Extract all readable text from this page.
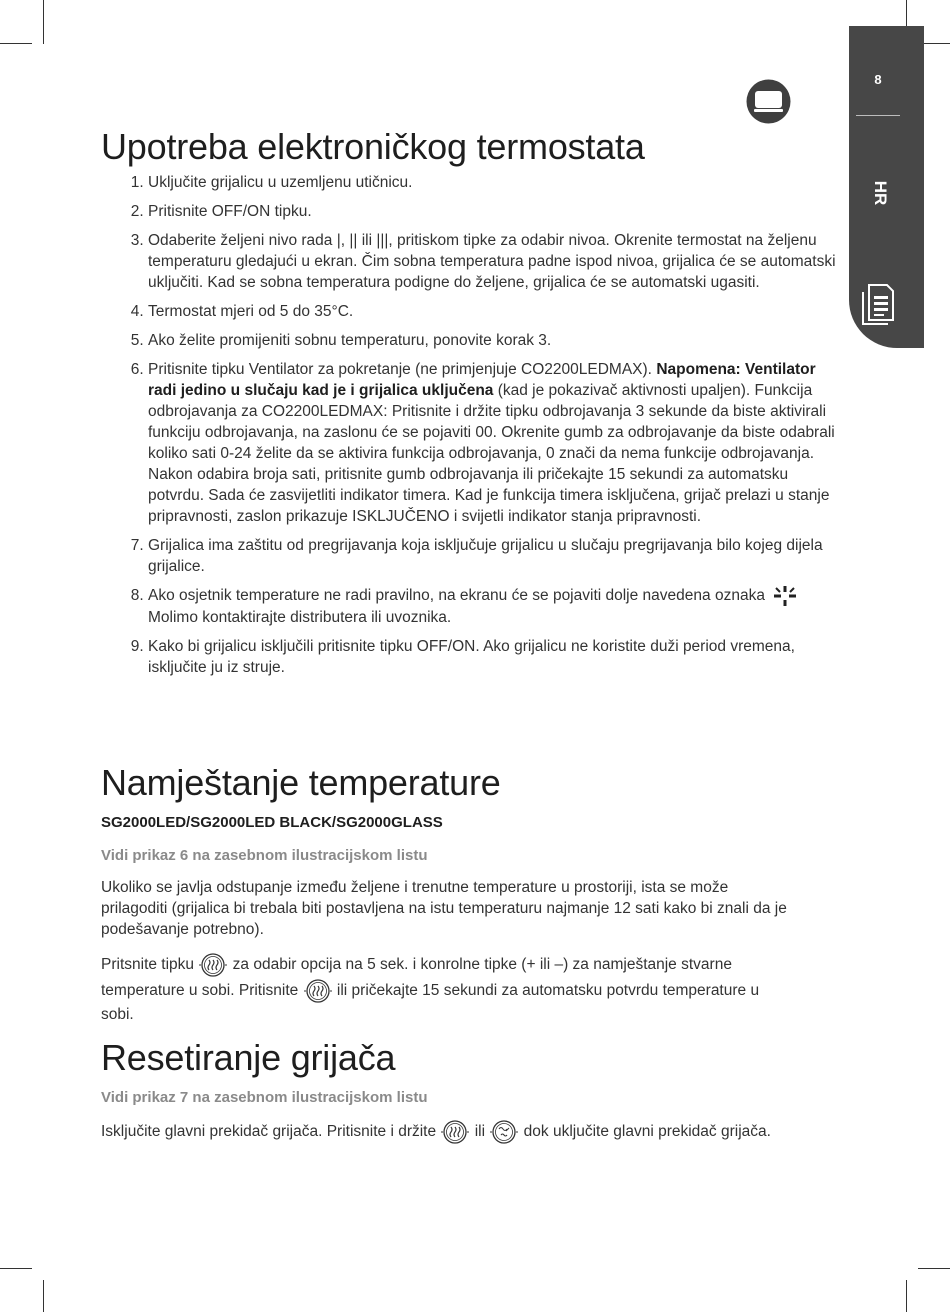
8
HR
Upotreba elektroničkog termostata
1. Uključite grijalicu u uzemljenu utičnicu.
2. Pritisnite OFF/ON tipku.
3. Odaberite željeni nivo rada |, || ili |||, pritiskom tipke za odabir nivoa. Okrenite termostat na željenu temperaturu gledajući u ekran. Čim sobna temperatura padne ispod nivoa, grijalica će se automatski uključiti. Kad se sobna temperatura podigne do željene, grijalica će se automatski ugasiti.
4. Termostat mjeri od 5 do 35°C.
5. Ako želite promijeniti sobnu temperaturu, ponovite korak 3.
6. Pritisnite tipku Ventilator za pokretanje (ne primjenjuje CO2200LEDMAX). Napomena: Ventilator radi jedino u slučaju kad je i grijalica uključena (kad je pokazivač aktivnosti upaljen). Funkcija odbrojavanja za CO2200LEDMAX: Pritisnite i držite tipku odbrojavanja 3 sekunde da biste aktivirali funkciju odbrojavanja, na zaslonu će se pojaviti 00. Okrenite gumb za odbrojavanje da biste odabrali koliko sati 0-24 želite da se aktivira funkcija odbrojavanja, 0 znači da nema funkcije odbrojavanja. Nakon odabira broja sati, pritisnite gumb odbrojavanja ili pričekajte 15 sekundi za automatsku potvrdu. Sada će zasvijetliti indikator timera. Kad je funkcija timera isključena, grijač prelazi u stanje pripravnosti, zaslon prikazuje ISKLJUČENO i svijetli indikator stanja pripravnosti.
7. Grijalica ima zaštitu od pregrijavanja koja isključuje grijalicu u slučaju pregrijavanja bilo kojeg dijela grijalice.
8. Ako osjetnik temperature ne radi pravilno, na ekranu će se pojaviti dolje navedena oznaka  Molimo kontaktirajte distributera ili uvoznika.
9. Kako bi grijalicu isključili pritisnite tipku OFF/ON. Ako grijalicu ne koristite duži period vremena, isključite ju iz struje.
Namještanje temperature

SG2000LED/SG2000LED BLACK/SG2000GLASS

Vidi prikaz 6 na zasebnom ilustracijskom listu

Ukoliko se javlja odstupanje između željene i trenutne temperature u prostoriji, ista se može prilagoditi (grijalica bi trebala biti postavljena na istu temperaturu najmanje 12 sati kako bi znali da je podešavanje potrebno).

Pritsnite tipku  za odabir opcija na 5 sek. i konrolne tipke (+ ili –) za namještanje stvarne temperature u sobi. Pritisnite  ili pričekajte 15 sekundi za automatsku potvrdu temperature u sobi.

Resetiranje grijača

Vidi prikaz 7 na zasebnom ilustracijskom listu

Isključite glavni prekidač grijača. Pritisnite i držite  ili  dok uključite glavni prekidač grijača.
